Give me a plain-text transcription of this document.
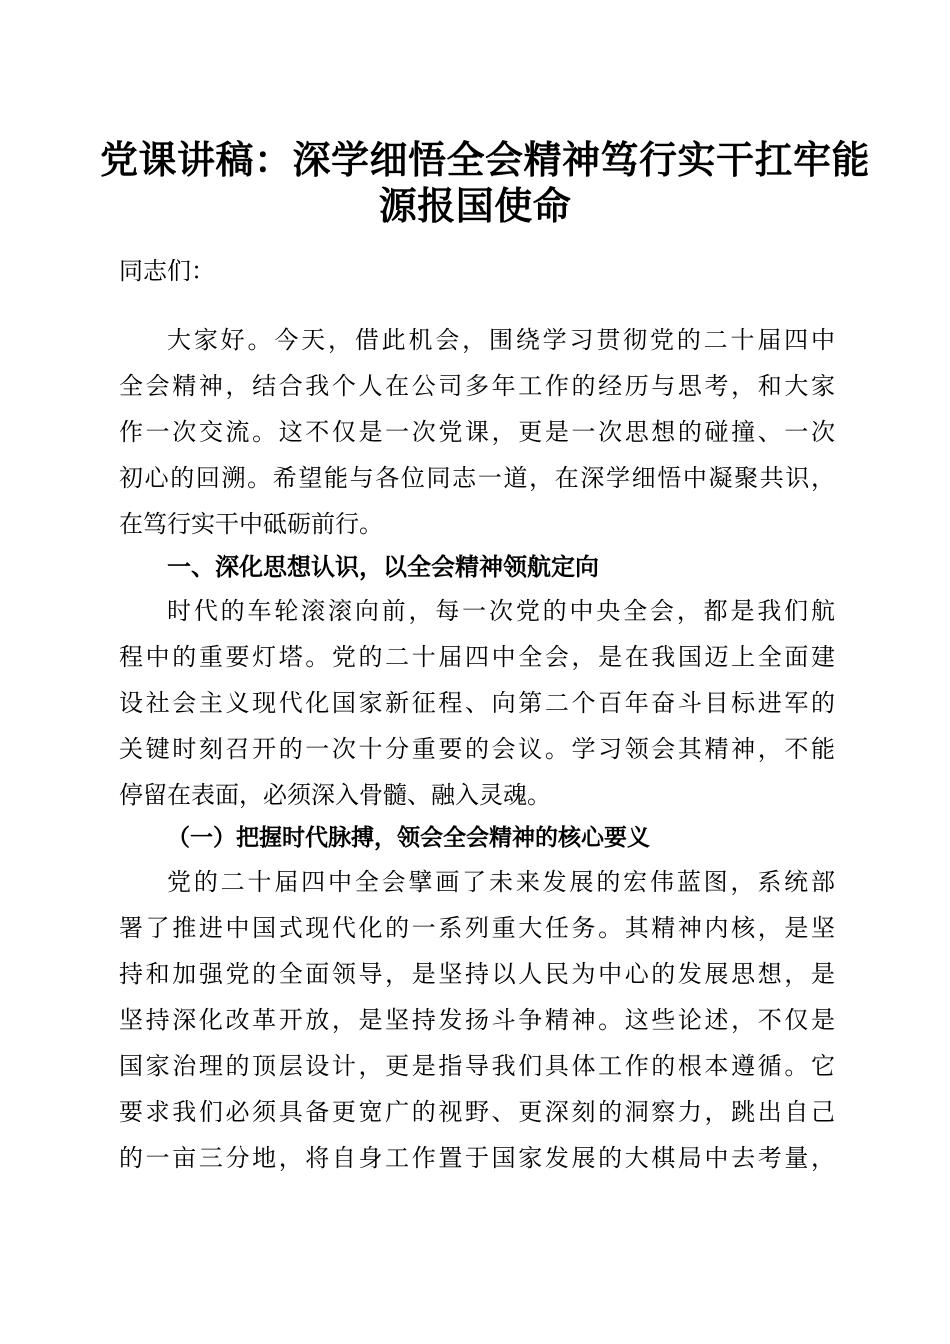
党课讲稿：深学细悟全会精神笃行实干扛牢能
源报国使命
同志们：
大家好。今天，借此机会，围绕学习贯彻党的二十届四中
全会精神，结合我个人在公司多年工作的经历与思考，和大家
作一次交流。这不仅是一次党课，更是一次思想的碰撞、一次
初心的回溯。希望能与各位同志一道，在深学细悟中凝聚共识，
在笃行实干中砥砺前行。
一、深化思想认识，以全会精神领航定向
时代的车轮滚滚向前，每一次党的中央全会，都是我们航
程中的重要灯塔。党的二十届四中全会，是在我国迈上全面建
设社会主义现代化国家新征程、向第二个百年奋斗目标进军的
关键时刻召开的一次十分重要的会议。学习领会其精神，不能
停留在表面，必须深入骨髓、融入灵魂。
（一）把握时代脉搏，领会全会精神的核心要义
党的二十届四中全会擘画了未来发展的宏伟蓝图，系统部
署了推进中国式现代化的一系列重大任务。其精神内核，是坚
持和加强党的全面领导，是坚持以人民为中心的发展思想，是
坚持深化改革开放，是坚持发扬斗争精神。这些论述，不仅是
国家治理的顶层设计，更是指导我们具体工作的根本遵循。它
要求我们必须具备更宽广的视野、更深刻的洞察力，跳出自己
的一亩三分地，将自身工作置于国家发展的大棋局中去考量，
